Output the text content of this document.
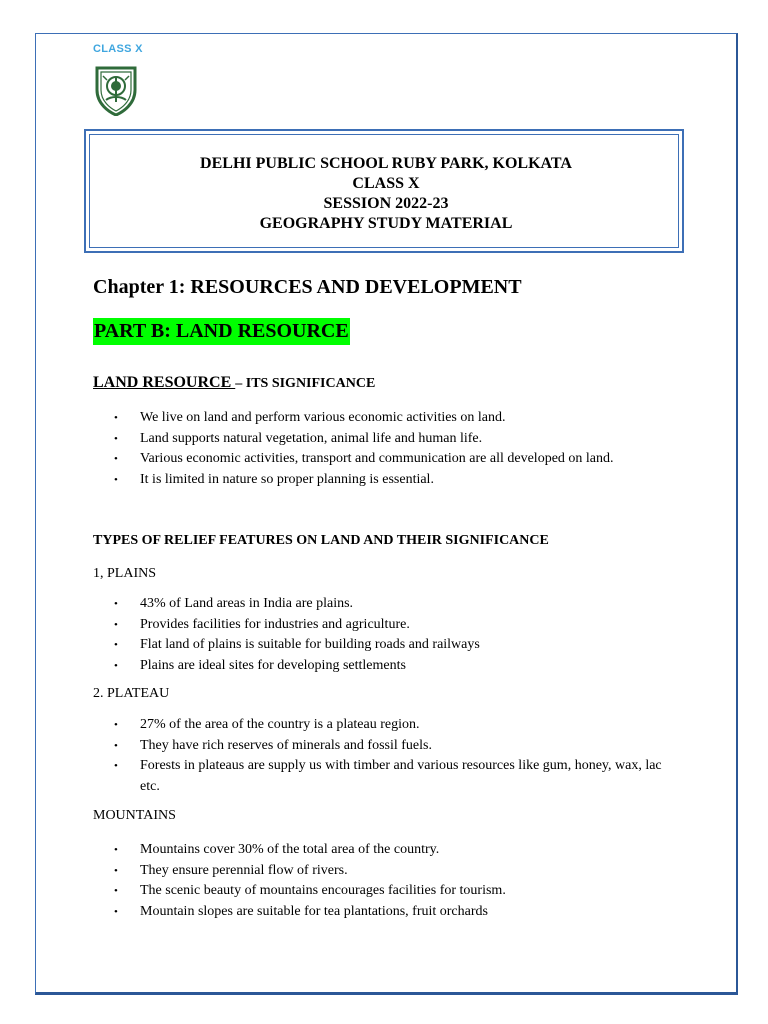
CLASS X
DELHI PUBLIC SCHOOL RUBY PARK, KOLKATA
CLASS X
SESSION 2022-23
GEOGRAPHY STUDY MATERIAL
Chapter 1: RESOURCES AND DEVELOPMENT
PART B: LAND RESOURCE
LAND RESOURCE – ITS SIGNIFICANCE
• We live on land and perform various economic activities on land.
• Land supports natural vegetation, animal life and human life.
• Various economic activities, transport and communication are all developed on land.
• It is limited in nature so proper planning is essential.
TYPES OF RELIEF FEATURES ON LAND AND THEIR SIGNIFICANCE
1, PLAINS
• 43% of Land areas in India are plains.
• Provides facilities for industries and agriculture.
• Flat land of plains is suitable for building roads and railways
• Plains are ideal sites for developing settlements
2. PLATEAU
• 27% of the area of the country is a plateau region.
• They have rich reserves of minerals and fossil fuels.
• Forests in plateaus are supply us with timber and various resources like gum, honey, wax, lac etc.
MOUNTAINS
• Mountains cover 30% of the total area of the country.
• They ensure perennial flow of rivers.
• The scenic beauty of mountains encourages facilities for tourism.
• Mountain slopes are suitable for tea plantations, fruit orchards
